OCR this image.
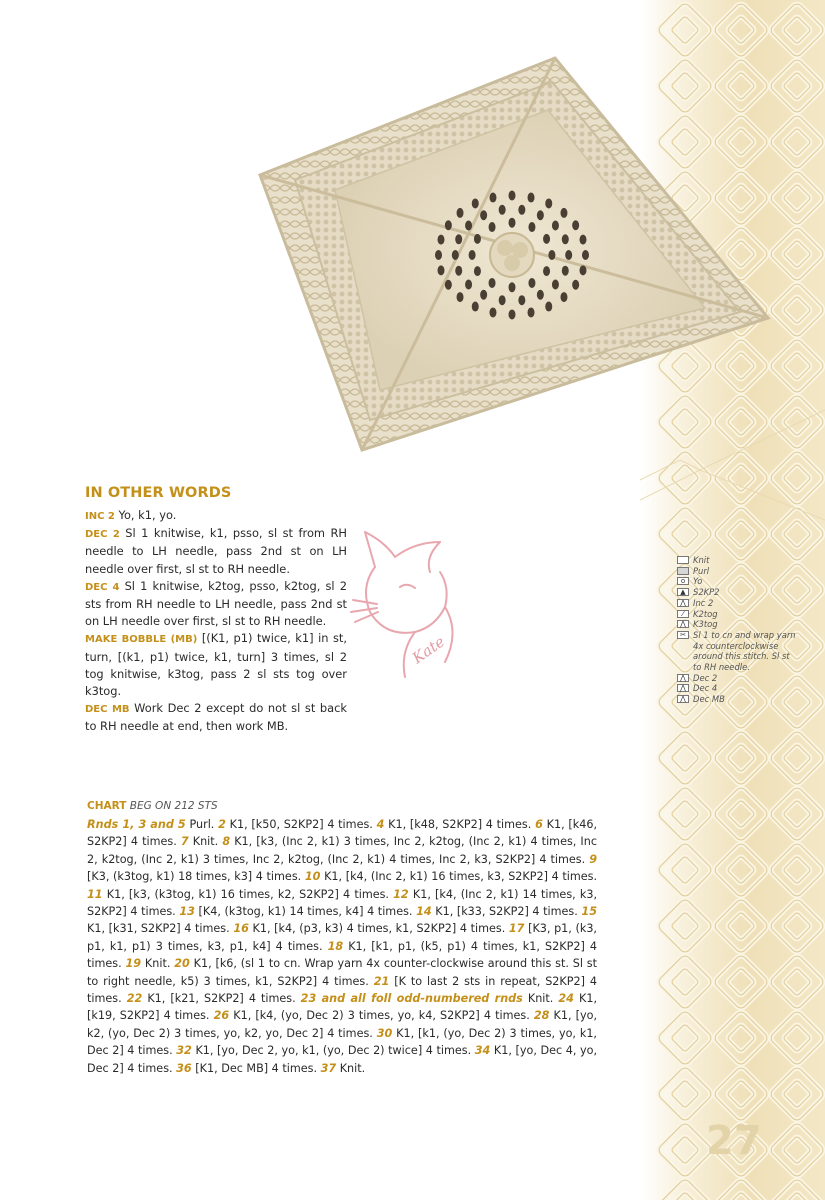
IN OTHER WORDS

INC 2 Yo, k1, yo.
DEC 2 Sl 1 knitwise, k1, psso, sl st from RH needle to LH needle, pass 2nd st on LH needle over first, sl st to RH needle.
DEC 4 Sl 1 knitwise, k2tog, psso, k2tog, sl 2 sts from RH needle to LH needle, pass 2nd st on LH needle over first, sl st to RH needle.
MAKE BOBBLE (MB) [(K1, p1) twice, k1] in st, turn, [(k1, p1) twice, k1, turn] 3 times, sl 2 tog knitwise, k3tog, pass 2 sl sts tog over k3tog.
DEC MB Work Dec 2 except do not sl st back to RH needle at end, then work MB.

Kate
Knit
Purl
o Yo
▲ S2KP2
⋀ Inc 2
⁄	K2tog
⋀ K3tog
✂ Sl 1 to cn and wrap yarn 4x counterclockwise around this stitch. Sl st to RH needle.
⋀ Dec 2
⋀ Dec 4
⋀ Dec MB
CHART BEG ON 212 STS

Rnds 1, 3 and 5 Purl. 2 K1, [k50, S2KP2] 4 times. 4 K1, [k48, S2KP2] 4 times. 6 K1, [k46, S2KP2] 4 times. 7 Knit. 8 K1, [k3, (Inc 2, k1) 3 times, Inc 2, k2tog, (Inc 2, k1) 4 times, Inc 2, k2tog, (Inc 2, k1) 3 times, Inc 2, k2tog, (Inc 2, k1) 4 times, Inc 2, k3, S2KP2] 4 times. 9 [K3, (k3tog, k1) 18 times, k3] 4 times. 10 K1, [k4, (Inc 2, k1) 16 times, k3, S2KP2] 4 times. 11 K1, [k3, (k3tog, k1) 16 times, k2, S2KP2] 4 times. 12 K1, [k4, (Inc 2, k1) 14 times, k3, S2KP2] 4 times. 13 [K4, (k3tog, k1) 14 times, k4] 4 times. 14 K1, [k33, S2KP2] 4 times. 15 K1, [k31, S2KP2] 4 times. 16 K1, [k4, (p3, k3) 4 times, k1, S2KP2] 4 times. 17 [K3, p1, (k3, p1, k1, p1) 3 times, k3, p1, k4] 4 times. 18 K1, [k1, p1, (k5, p1) 4 times, k1, S2KP2] 4 times. 19 Knit. 20 K1, [k6, (sl 1 to cn. Wrap yarn 4x counter-clockwise around this st. Sl st to right needle, k5) 3 times, k1, S2KP2] 4 times. 21 [K to last 2 sts in repeat, S2KP2] 4 times. 22 K1, [k21, S2KP2] 4 times. 23 and all foll odd-numbered rnds Knit. 24 K1, [k19, S2KP2] 4 times. 26 K1, [k4, (yo, Dec 2) 3 times, yo, k4, S2KP2] 4 times. 28 K1, [yo, k2, (yo, Dec 2) 3 times, yo, k2, yo, Dec 2] 4 times. 30 K1, [k1, (yo, Dec 2) 3 times, yo, k1, Dec 2] 4 times. 32 K1, [yo, Dec 2, yo, k1, (yo, Dec 2) twice] 4 times. 34 K1, [yo, Dec 4, yo, Dec 2] 4 times. 36 [K1, Dec MB] 4 times. 37 Knit.

27
